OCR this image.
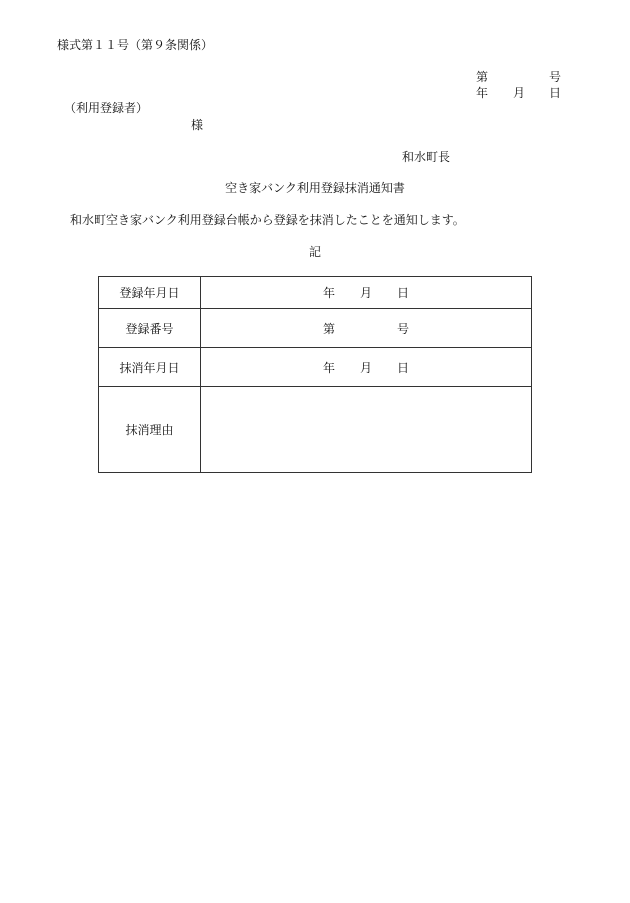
様式第１１号（第９条関係）
第	号
年 月 日
（利用登録者）
様
和水町長
空き家バンク利用登録抹消通知書
和水町空き家バンク利用登録台帳から登録を抹消したことを通知します。
記
登録年月日	年 月 日
登録番号	第 号
抹消年月日	年 月 日
抹消理由	
